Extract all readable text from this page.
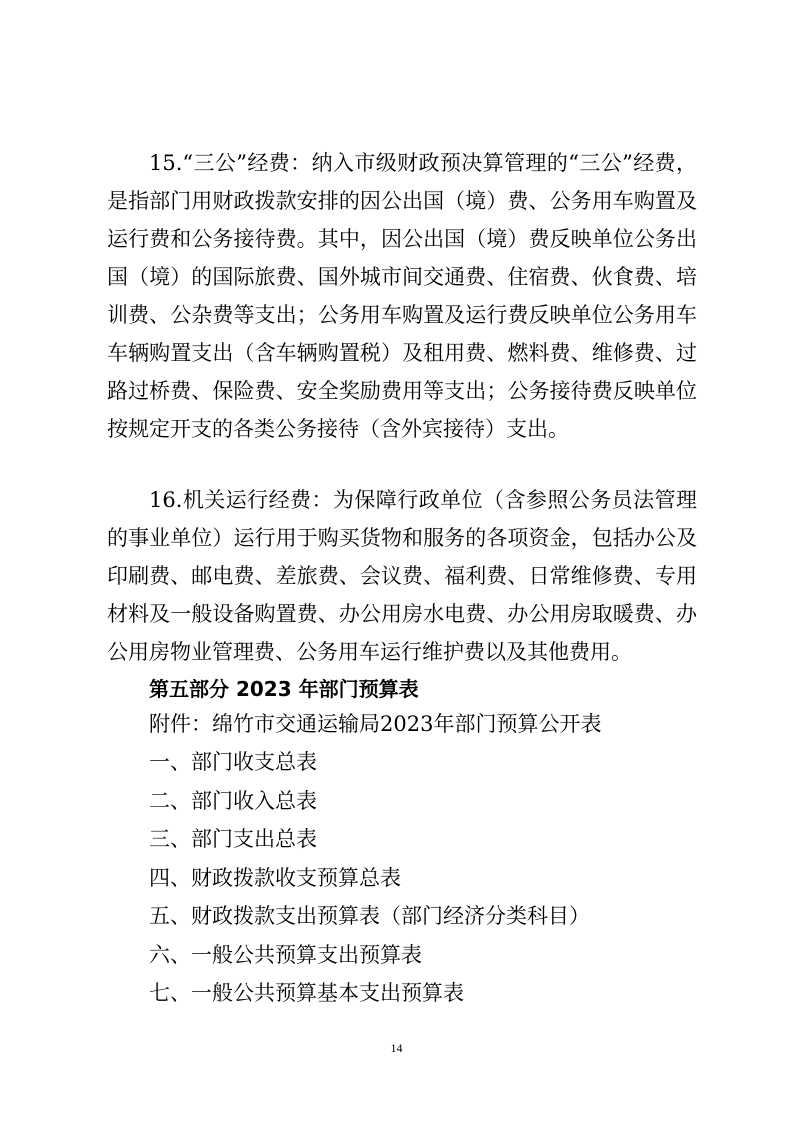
15.“三公”经费：纳入市级财政预决算管理的“三公”经费，是指部门用财政拨款安排的因公出国（境）费、公务用车购置及运行费和公务接待费。其中，因公出国（境）费反映单位公务出国（境）的国际旅费、国外城市间交通费、住宿费、伙食费、培训费、公杂费等支出；公务用车购置及运行费反映单位公务用车车辆购置支出（含车辆购置税）及租用费、燃料费、维修费、过路过桥费、保险费、安全奖励费用等支出；公务接待费反映单位按规定开支的各类公务接待（含外宾接待）支出。

16.机关运行经费：为保障行政单位（含参照公务员法管理的事业单位）运行用于购买货物和服务的各项资金，包括办公及印刷费、邮电费、差旅费、会议费、福利费、日常维修费、专用材料及一般设备购置费、办公用房水电费、办公用房取暖费、办公用房物业管理费、公务用车运行维护费以及其他费用。

第五部分 2023 年部门预算表

附件：绵竹市交通运输局2023年部门预算公开表

一、部门收支总表
二、部门收入总表
三、部门支出总表
四、财政拨款收支预算总表
五、财政拨款支出预算表（部门经济分类科目）
六、一般公共预算支出预算表
七、一般公共预算基本支出预算表
14
